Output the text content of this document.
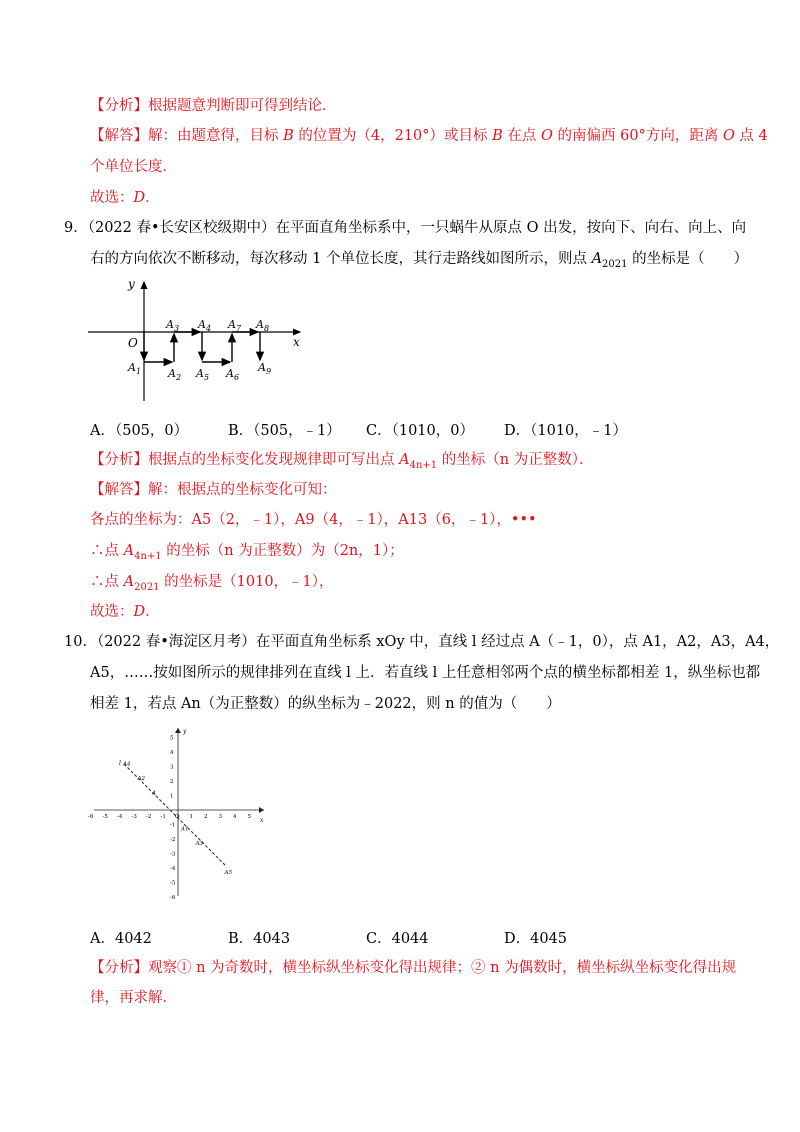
【分析】根据题意判断即可得到结论．
【解答】解：由题意得，目标 B 的位置为（4，210°）或目标 B 在点 O 的南偏西 60°方向，距离 O 点 4
个单位长度．
故选：D．
9．（2022 春•长安区校级期中）在平面直角坐标系中，一只蜗牛从原点 O 出发，按向下、向右、向上、向
右的方向依次不断移动，每次移动 1 个单位长度，其行走路线如图所示，则点 $A_{2021}$ 的坐标是（　　）
y
x
O
$A_1$ $A_2$
$A_3$ $A_4$
$A_5$ $A_6$
$A_7$ $A_8$
$A_9$
A．（505，0）	B．（505，﹣1） C．（1010，0） D．（1010，﹣1）
【分析】根据点的坐标变化发现规律即可写出点 $A_{4n+1}$ 的坐标（n 为正整数）．
【解答】解：根据点的坐标变化可知：
各点的坐标为：A5（2，﹣1），A9（4，﹣1），A13（6，﹣1），•••
∴点 $A_{4n+1}$ 的坐标（n 为正整数）为（2n，1）；
∴点 $A_{2021}$ 的坐标是（1010，﹣1），
故选：D．
10．（2022 春•海淀区月考）在平面直角坐标系 xOy 中，直线 l 经过点 A（﹣1，0），点 A1，A2，A3，A4，
A5，……按如图所示的规律排列在直线 l 上．若直线 l 上任意相邻两个点的横坐标都相差 1，纵坐标也都
相差 1，若点 An（为正整数）的纵坐标为﹣2022，则 n 的值为（　　）
x
y
l
-6 -5 -4 -3 -2 -1 O 1 2 3 4 5
5
4
3
2
1
-1
-2
-3
-4
-5
-6
A4
A2
A
A1
A3
A5
A．4042	B．4043	C．4044	D．4045
【分析】观察① n 为奇数时，横坐标纵坐标变化得出规律；② n 为偶数时，横坐标纵坐标变化得出规
律，再求解．
